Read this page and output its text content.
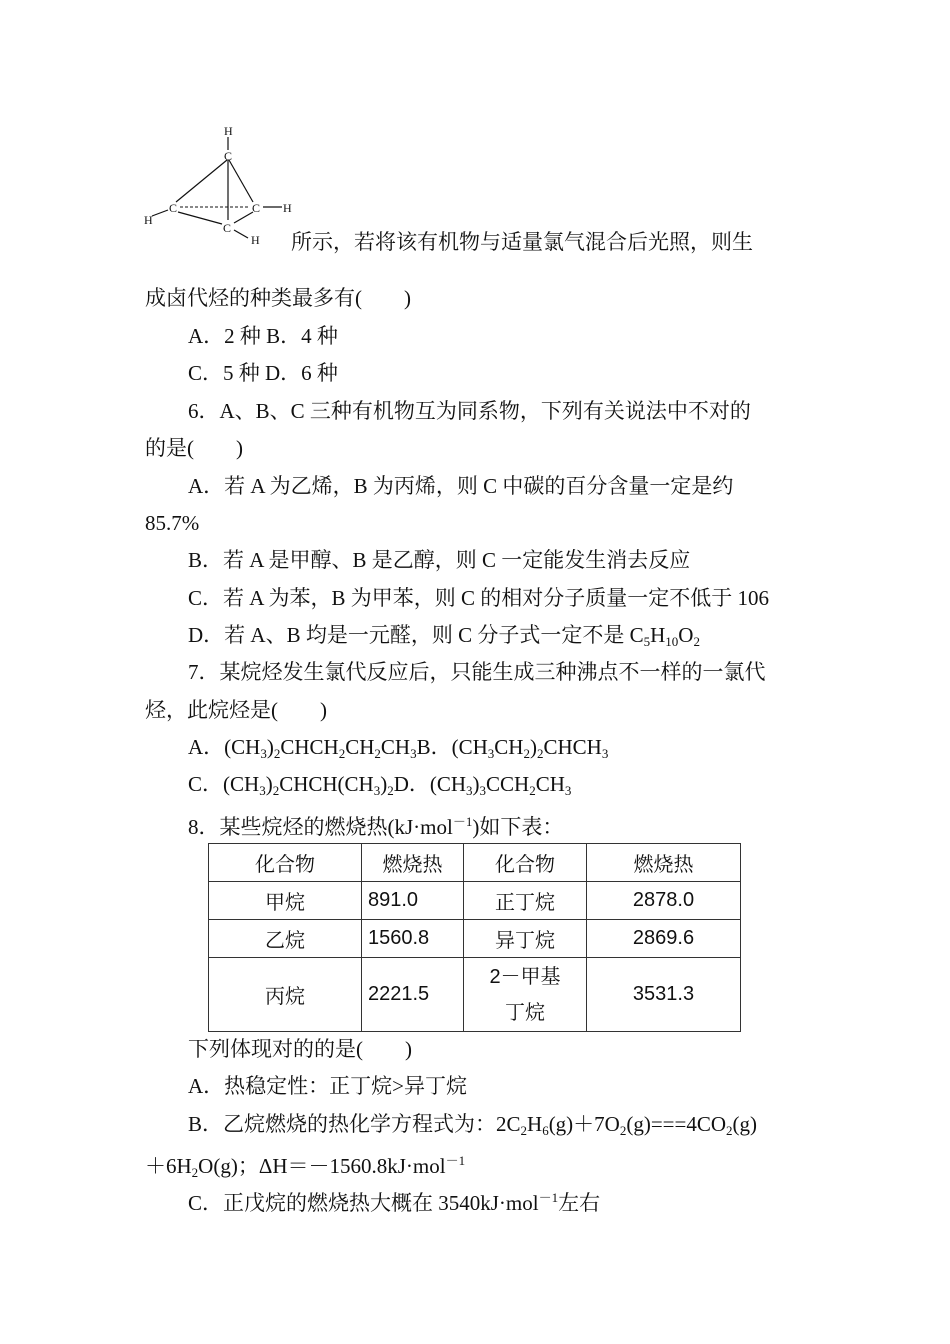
H
C
C	C
C
H
H
H 所示，若将该有机物与适量氯气混合后光照，则生
成卤代烃的种类最多有(　　)
A．2 种 B．4 种
C．5 种 D．6 种
6．A、B、C 三种有机物互为同系物，下列有关说法中不对的
的是(　　)
A．若 A 为乙烯，B 为丙烯，则 C 中碳的百分含量一定是约
85.7%
B．若 A 是甲醇、B 是乙醇，则 C 一定能发生消去反应
C．若 A 为苯，B 为甲苯，则 C 的相对分子质量一定不低于 106
D．若 A、B 均是一元醛，则 C 分子式一定不是 $C_5H_{10}O_2$
7．某烷烃发生氯代反应后，只能生成三种沸点不一样的一氯代
烃，此烷烃是(　　)
A．$(CH_3)_2CHCH_2CH_2CH_3B$．$(CH_3CH_2)_2CHCH_3$
C．$(CH_3)_2CHCH(CH_3)_2D$．$(CH_3)_3CCH_2CH_3$
8．某些烷烃的燃烧热(kJ·mol$^{-1}$)如下表：
化合物	燃烧热	化合物	燃烧热
甲烷	891.0	正丁烷	2878.0
乙烷	1560.8	异丁烷	2869.6
丙烷	2221.5	2－甲基
丁烷	3531.3
下列体现对的的是(　　)
A．热稳定性：正丁烷>异丁烷
B．乙烷燃烧的热化学方程式为：$2C_2H_6(g)+7O_2(g)===4CO_2(g)$
$+6H_2O(g)$；ΔH＝－1560.8kJ·mol$^{-1}$
C．正戊烷的燃烧热大概在 3540kJ·mol$^{-1}$左右
